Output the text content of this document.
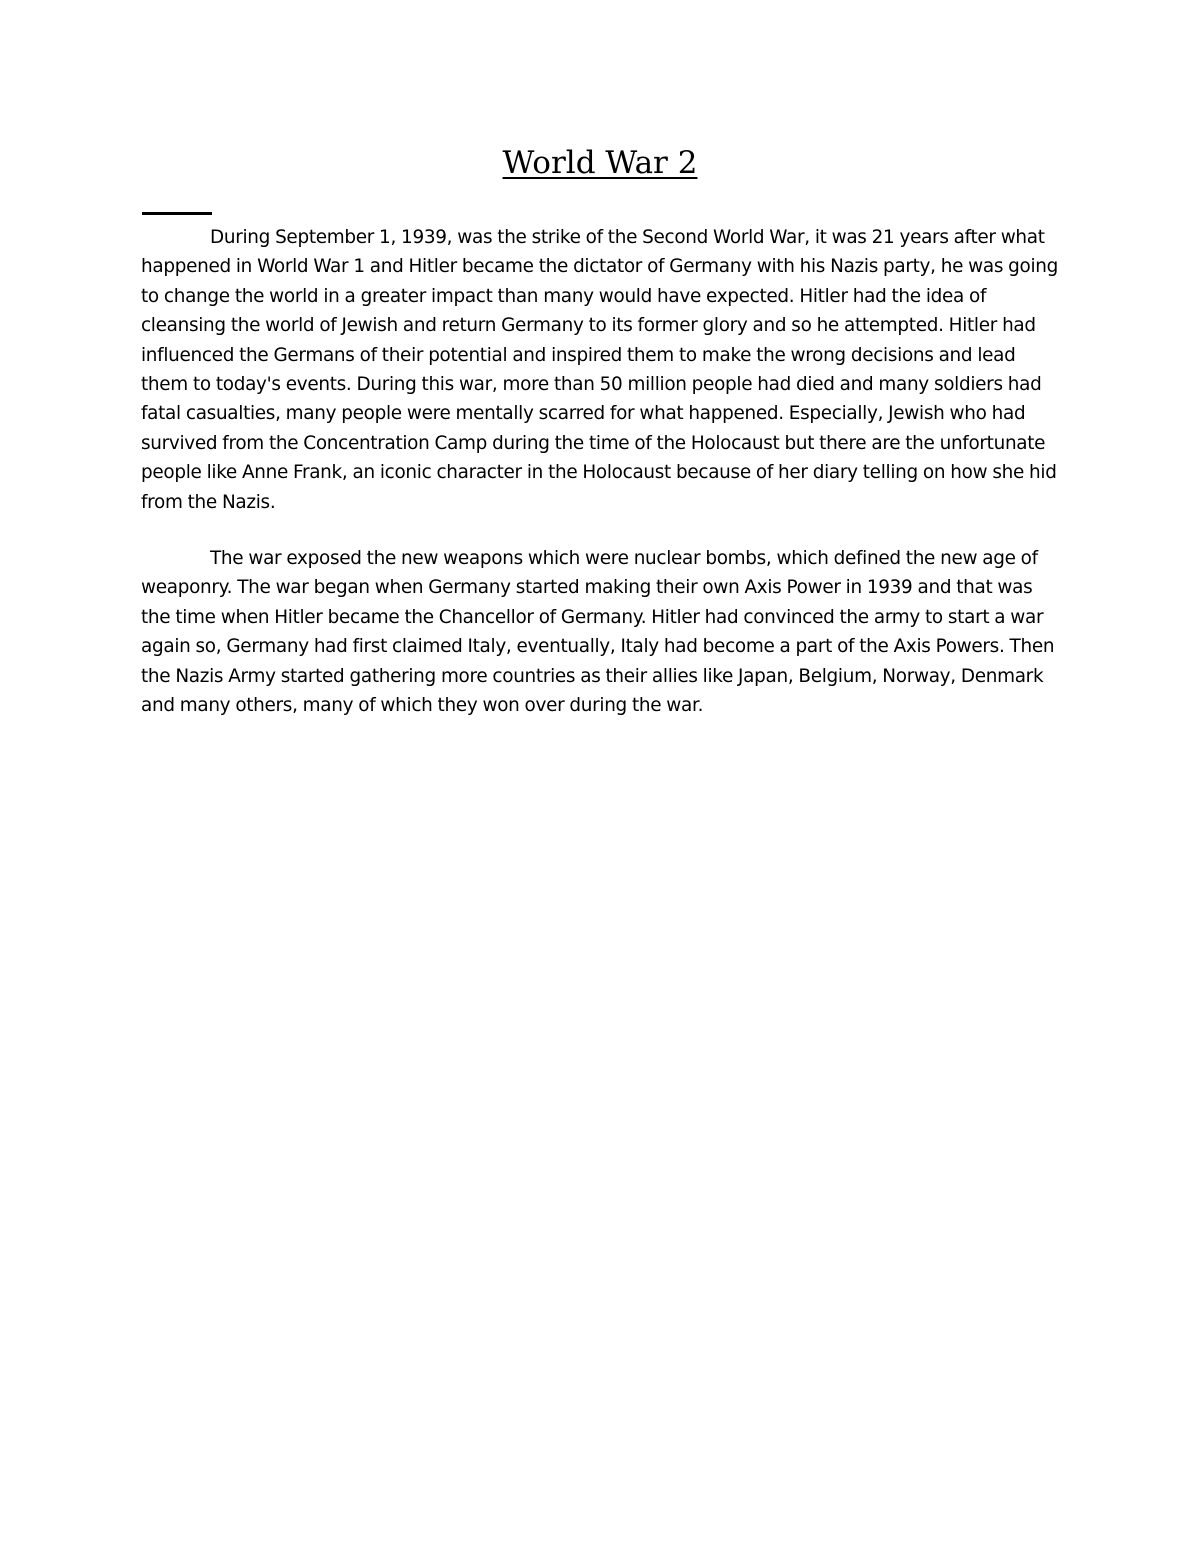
World War 2

During September 1, 1939, was the strike of the Second World War, it was 21 years after what happened in World War 1 and Hitler became the dictator of Germany with his Nazis party, he was going to change the world in a greater impact than many would have expected. Hitler had the idea of cleansing the world of Jewish and return Germany to its former glory and so he attempted. Hitler had influenced the Germans of their potential and inspired them to make the wrong decisions and lead them to today's events. During this war, more than 50 million people had died and many soldiers had fatal casualties, many people were mentally scarred for what happened. Especially, Jewish who had survived from the Concentration Camp during the time of the Holocaust but there are the unfortunate people like Anne Frank, an iconic character in the Holocaust because of her diary telling on how she hid from the Nazis.

The war exposed the new weapons which were nuclear bombs, which defined the new age of weaponry. The war began when Germany started making their own Axis Power in 1939 and that was the time when Hitler became the Chancellor of Germany. Hitler had convinced the army to start a war again so, Germany had first claimed Italy, eventually, Italy had become a part of the Axis Powers. Then the Nazis Army started gathering more countries as their allies like Japan, Belgium, Norway, Denmark and many others, many of which they won over during the war.
